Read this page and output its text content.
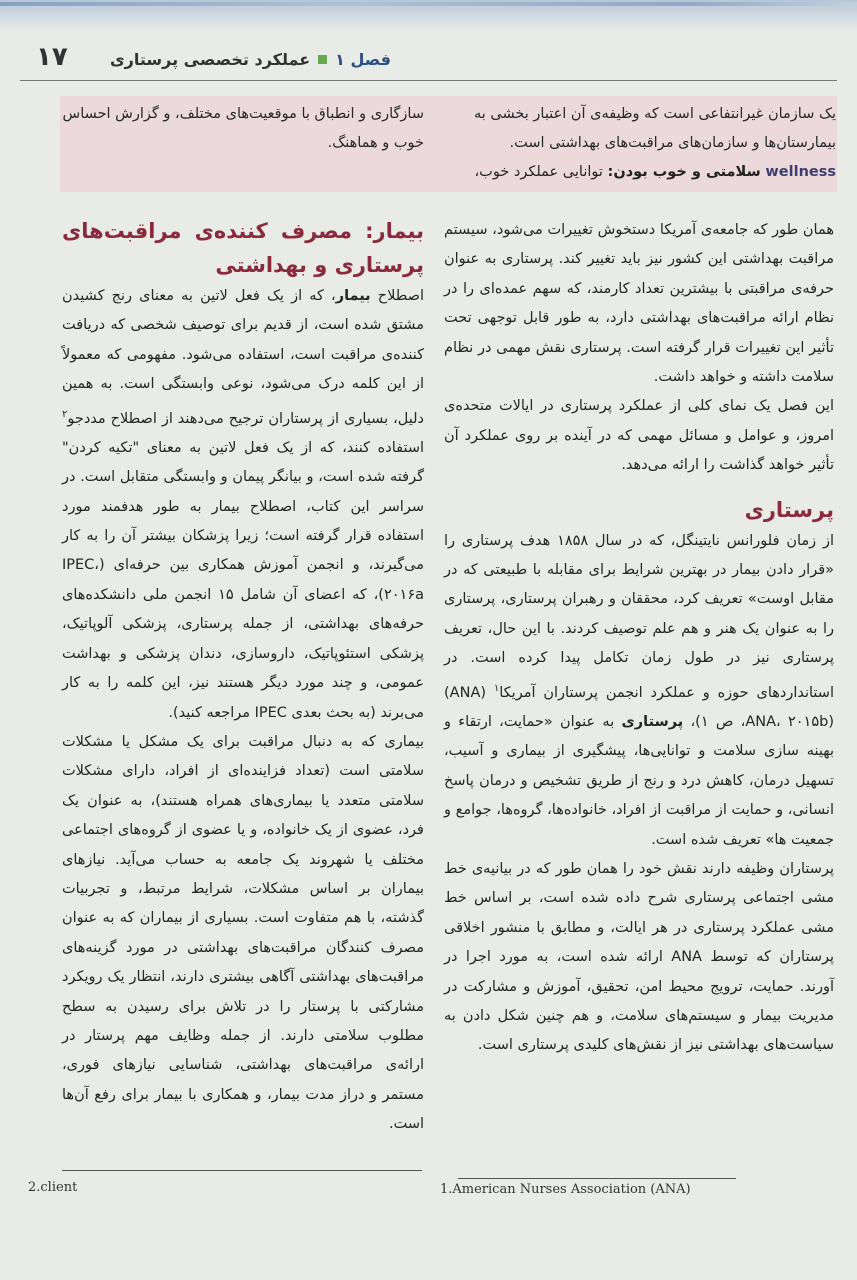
۱۷	فصل ۱
عملکرد تخصصی پرستاری

یک سازمان غیرانتفاعی است که وظیفه‌ی آن اعتبار بخشی به

بیمارستان‌ها و سازمان‌های مراقبت‌های بهداشتی است.

wellness سلامتی و خوب بودن: توانایی عملکرد خوب،

سازگاری و انطباق با موقعیت‌های مختلف، و گزارش احساس

خوب و هماهنگ.

همان طور که جامعه‌ی آمریکا دستخوش تغییرات می‌شود، سیستم مراقبت بهداشتی این کشور نیز باید تغییر کند. پرستاری به عنوان حرفه‌ی مراقبتی با بیشترین تعداد کارمند، که سهم عمده‌ای را در نظام ارائه مراقبت‌های بهداشتی دارد، به طور قابل توجهی تحت تأثیر این تغییرات قرار گرفته است. پرستاری نقش مهمی در نظام سلامت داشته و خواهد داشت.

این فصل یک نمای کلی از عملکرد پرستاری در ایالات متحده‌ی امروز، و عوامل و مسائل مهمی که در آینده بر روی عملکرد آن تأثیر خواهد گذاشت را ارائه می‌دهد.

پرستاری

از زمان فلورانس نایتینگل، که در سال ۱۸۵۸ هدف پرستاری را «قرار دادن بیمار در بهترین شرایط برای مقابله با طبیعتی که در مقابل اوست» تعریف کرد، محققان و رهبران پرستاری، پرستاری را به عنوان یک هنر و هم علم توصیف کردند. با این حال، تعریف پرستاری نیز در طول زمان تکامل پیدا کرده است. در استانداردهای حوزه و عملکرد انجمن پرستاران آمریکا$^۱$ (ANA) (ANA، ۲۰۱۵b، ص ۱)، پرستاری به عنوان «حمایت، ارتقاء و بهینه سازی سلامت و توانایی‌ها، پیشگیری از بیماری و آسیب، تسهیل درمان، کاهش درد و رنج از طریق تشخیص و درمان پاسخ انسانی، و حمایت از مراقبت از افراد، خانواده‌ها، گروه‌ها، جوامع و جمعیت ها» تعریف شده است.

پرستاران وظیفه دارند نقش خود را همان طور که در بیانیه‌ی خط مشی اجتماعی پرستاری شرح داده شده است، بر اساس خط مشی عملکرد پرستاری در هر ایالت، و مطابق با منشور اخلاقی پرستاران که توسط ANA ارائه شده است، به مورد اجرا در آورند. حمایت، ترویج محیط امن، تحقیق، آموزش و مشارکت در مدیریت بیمار و سیستم‌های سلامت، و هم چنین شکل دادن به سیاست‌های بهداشتی نیز از نقش‌های کلیدی پرستاری است.

بیمار: مصرف کننده‌ی مراقبت‌های پرستاری و بهداشتی

اصطلاح بیمار، که از یک فعل لاتین به معنای رنج کشیدن مشتق شده است، از قدیم برای توصیف شخصی که دریافت کننده‌ی مراقبت است، استفاده می‌شود. مفهومی که معمولاً از این کلمه درک می‌شود، نوعی وابستگی است. به همین دلیل، بسیاری از پرستاران ترجیح می‌دهند از اصطلاح مددجو$^۲$ استفاده کنند، که از یک فعل لاتین به معنای "تکیه کردن" گرفته شده است، و بیانگر پیمان و وابستگی متقابل است. در سراسر این کتاب، اصطلاح بیمار به طور هدفمند مورد استفاده قرار گرفته است؛ زیرا پزشکان بیشتر آن را به کار می‌گیرند، و انجمن آموزش همکاری بین حرفه‌ای (IPEC، ۲۰۱۶a)، که اعضای آن شامل ۱۵ انجمن ملی دانشکده‌های حرفه‌های بهداشتی، از جمله پرستاری، پزشکی آلوپاتیک، پزشکی استئوپاتیک، داروسازی، دندان پزشکی و بهداشت عمومی، و چند مورد دیگر هستند نیز، این کلمه را به کار می‌برند (به بحث بعدی IPEC مراجعه کنید).

بیماری که به دنبال مراقبت برای یک مشکل یا مشکلات سلامتی است (تعداد فزاینده‌ای از افراد، دارای مشکلات سلامتی متعدد یا بیماری‌های همراه هستند)، به عنوان یک فرد، عضوی از یک خانواده، و یا عضوی از گروه‌های اجتماعی مختلف یا شهروند یک جامعه به حساب می‌آید. نیازهای بیماران بر اساس مشکلات، شرایط مرتبط، و تجربیات گذشته، با هم متفاوت است. بسیاری از بیماران که به عنوان مصرف کنندگان مراقبت‌های بهداشتی در مورد گزینه‌های مراقبت‌های بهداشتی آگاهی بیشتری دارند، انتظار یک رویکرد مشارکتی با پرستار را در تلاش برای رسیدن به سطح مطلوب سلامتی دارند. از جمله وظایف مهم پرستار در ارائه‌ی مراقبت‌های بهداشتی، شناسایی نیازهای فوری، مستمر و دراز مدت بیمار، و همکاری با بیمار برای رفع آن‌ها است.

2.client	1.American Nurses Association (ANA)
